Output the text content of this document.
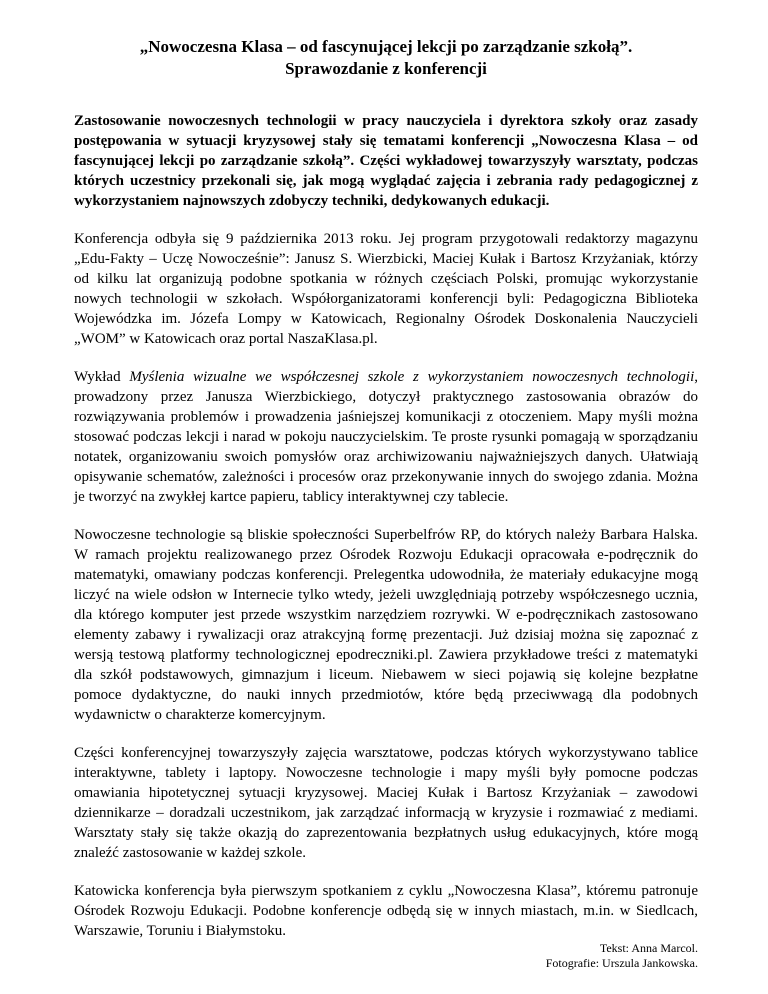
„Nowoczesna Klasa – od fascynującej lekcji po zarządzanie szkołą”.
Sprawozdanie z konferencji

Zastosowanie nowoczesnych technologii w pracy nauczyciela i dyrektora szkoły oraz zasady postępowania w sytuacji kryzysowej stały się tematami konferencji „Nowoczesna Klasa – od fascynującej lekcji po zarządzanie szkołą”. Części wykładowej towarzyszyły warsztaty, podczas których uczestnicy przekonali się, jak mogą wyglądać zajęcia i zebrania rady pedagogicznej z wykorzystaniem najnowszych zdobyczy techniki, dedykowanych edukacji.

Konferencja odbyła się 9 października 2013 roku. Jej program przygotowali redaktorzy magazynu „Edu-Fakty – Uczę Nowocześnie”: Janusz S. Wierzbicki, Maciej Kułak i Bartosz Krzyżaniak, którzy od kilku lat organizują podobne spotkania w różnych częściach Polski, promując wykorzystanie nowych technologii w szkołach. Współorganizatorami konferencji byli: Pedagogiczna Biblioteka Wojewódzka im. Józefa Lompy w Katowicach, Regionalny Ośrodek Doskonalenia Nauczycieli „WOM” w Katowicach oraz portal NaszaKlasa.pl.

Wykład Myślenia wizualne we współczesnej szkole z wykorzystaniem nowoczesnych technologii, prowadzony przez Janusza Wierzbickiego, dotyczył praktycznego zastosowania obrazów do rozwiązywania problemów i prowadzenia jaśniejszej komunikacji z otoczeniem. Mapy myśli można stosować podczas lekcji i narad w pokoju nauczycielskim. Te proste rysunki pomagają w sporządzaniu notatek, organizowaniu swoich pomysłów oraz archiwizowaniu najważniejszych danych. Ułatwiają opisywanie schematów, zależności i procesów oraz przekonywanie innych do swojego zdania. Można je tworzyć na zwykłej kartce papieru, tablicy interaktywnej czy tablecie.

Nowoczesne technologie są bliskie społeczności Superbelfrów RP, do których należy Barbara Halska. W ramach projektu realizowanego przez Ośrodek Rozwoju Edukacji opracowała e-podręcznik do matematyki, omawiany podczas konferencji. Prelegentka udowodniła, że materiały edukacyjne mogą liczyć na wiele odsłon w Internecie tylko wtedy, jeżeli uwzględniają potrzeby współczesnego ucznia, dla którego komputer jest przede wszystkim narzędziem rozrywki. W e-podręcznikach zastosowano elementy zabawy i rywalizacji oraz atrakcyjną formę prezentacji. Już dzisiaj można się zapoznać z wersją testową platformy technologicznej epodreczniki.pl. Zawiera przykładowe treści z matematyki dla szkół podstawowych, gimnazjum i liceum. Niebawem w sieci pojawią się kolejne bezpłatne pomoce dydaktyczne, do nauki innych przedmiotów, które będą przeciwwagą dla podobnych wydawnictw o charakterze komercyjnym.

Części konferencyjnej towarzyszyły zajęcia warsztatowe, podczas których wykorzystywano tablice interaktywne, tablety i laptopy. Nowoczesne technologie i mapy myśli były pomocne podczas omawiania hipotetycznej sytuacji kryzysowej. Maciej Kułak i Bartosz Krzyżaniak – zawodowi dziennikarze – doradzali uczestnikom, jak zarządzać informacją w kryzysie i rozmawiać z mediami. Warsztaty stały się także okazją do zaprezentowania bezpłatnych usług edukacyjnych, które mogą znaleźć zastosowanie w każdej szkole.

Katowicka konferencja była pierwszym spotkaniem z cyklu „Nowoczesna Klasa”, któremu patronuje Ośrodek Rozwoju Edukacji. Podobne konferencje odbędą się w innych miastach, m.in. w Siedlcach, Warszawie, Toruniu i Białymstoku.

Tekst: Anna Marcol.
Fotografie: Urszula Jankowska.
